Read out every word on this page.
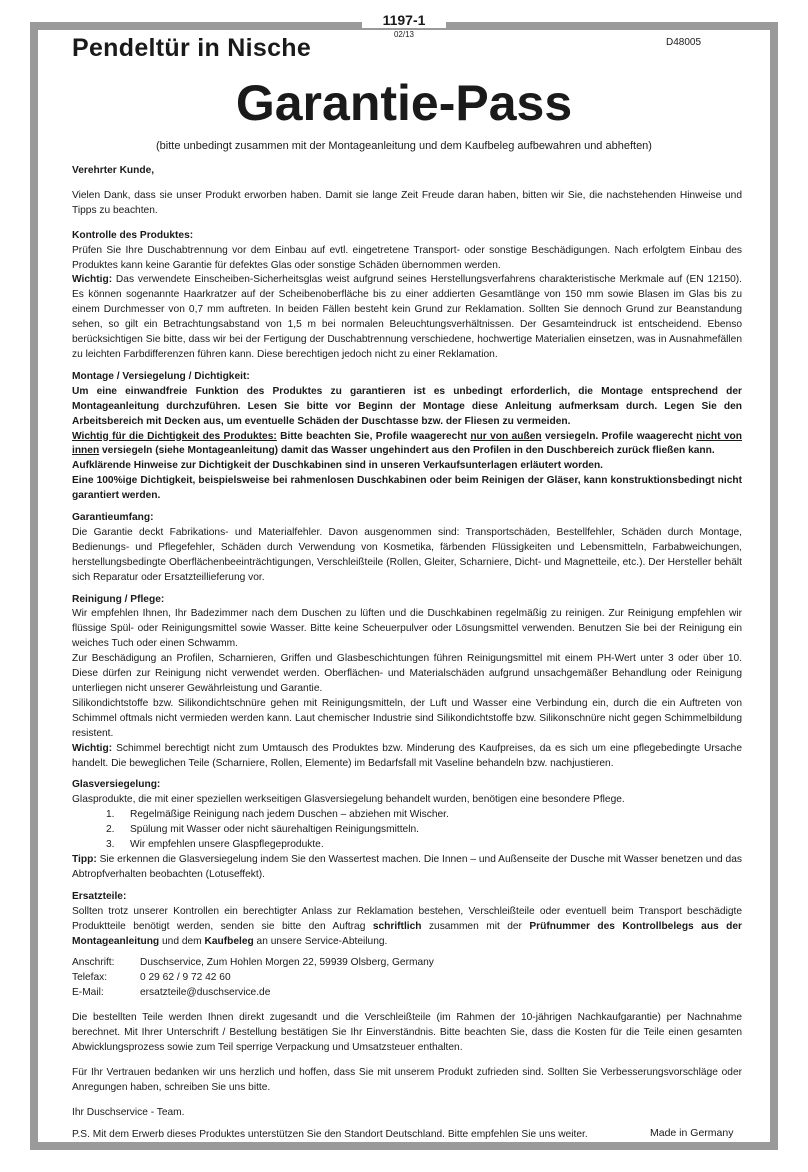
1197-1
02/13
D48005
Pendeltür in Nische
Garantie-Pass
(bitte unbedingt zusammen mit der Montageanleitung und dem Kaufbeleg aufbewahren und abheften)

Verehrter Kunde,

Vielen Dank, dass sie unser Produkt erworben haben. Damit sie lange Zeit Freude daran haben, bitten wir Sie, die nachstehenden Hinweise und Tipps zu beachten.

Kontrolle des Produktes:

Prüfen Sie Ihre Duschabtrennung vor dem Einbau auf evtl. eingetretene Transport- oder sonstige Beschädigungen. Nach erfolgtem Einbau des Produktes kann keine Garantie für defektes Glas oder sonstige Schäden übernommen werden.

Wichtig: Das verwendete Einscheiben-Sicherheitsglas weist aufgrund seines Herstellungsverfahrens charakteristische Merkmale auf (EN 12150). Es können sogenannte Haarkratzer auf der Scheibenoberfläche bis zu einer addierten Gesamtlänge von 150 mm sowie Blasen im Glas bis zu einem Durchmesser von 0,7 mm auftreten. In beiden Fällen besteht kein Grund zur Reklamation. Sollten Sie dennoch Grund zur Beanstandung sehen, so gilt ein Betrachtungsabstand von 1,5 m bei normalen Beleuchtungsverhältnissen. Der Gesamteindruck ist entscheidend. Ebenso berücksichtigen Sie bitte, dass wir bei der Fertigung der Duschabtrennung verschiedene, hochwertige Materialien einsetzen, was in Ausnahmefällen zu leichten Farbdifferenzen führen kann. Diese berechtigen jedoch nicht zu einer Reklamation.

Montage / Versiegelung / Dichtigkeit:

Um eine einwandfreie Funktion des Produktes zu garantieren ist es unbedingt erforderlich, die Montage entsprechend der Montageanleitung durchzuführen. Lesen Sie bitte vor Beginn der Montage diese Anleitung aufmerksam durch. Legen Sie den Arbeitsbereich mit Decken aus, um eventuelle Schäden der Duschtasse bzw. der Fliesen zu vermeiden.

Wichtig für die Dichtigkeit des Produktes: Bitte beachten Sie, Profile waagerecht nur von außen versiegeln. Profile waagerecht nicht von innen versiegeln (siehe Montageanleitung) damit das Wasser ungehindert aus den Profilen in den Duschbereich zurück fließen kann.

Aufklärende Hinweise zur Dichtigkeit der Duschkabinen sind in unseren Verkaufsunterlagen erläutert worden.

Eine 100%ige Dichtigkeit, beispielsweise bei rahmenlosen Duschkabinen oder beim Reinigen der Gläser, kann konstruktionsbedingt nicht garantiert werden.

Garantieumfang:

Die Garantie deckt Fabrikations- und Materialfehler. Davon ausgenommen sind: Transportschäden, Bestellfehler, Schäden durch Montage, Bedienungs- und Pflegefehler, Schäden durch Verwendung von Kosmetika, färbenden Flüssigkeiten und Lebensmitteln, Farbabweichungen, herstellungsbedingte Oberflächenbeeinträchtigungen, Verschleißteile (Rollen, Gleiter, Scharniere, Dicht- und Magnetteile, etc.). Der Hersteller behält sich Reparatur oder Ersatzteillieferung vor.

Reinigung / Pflege:

Wir empfehlen Ihnen, Ihr Badezimmer nach dem Duschen zu lüften und die Duschkabinen regelmäßig zu reinigen. Zur Reinigung empfehlen wir flüssige Spül- oder Reinigungsmittel sowie Wasser. Bitte keine Scheuerpulver oder Lösungsmittel verwenden. Benutzen Sie bei der Reinigung ein weiches Tuch oder einen Schwamm.

Zur Beschädigung an Profilen, Scharnieren, Griffen und Glasbeschichtungen führen Reinigungsmittel mit einem PH-Wert unter 3 oder über 10. Diese dürfen zur Reinigung nicht verwendet werden. Oberflächen- und Materialschäden aufgrund unsachgemäßer Behandlung oder Reinigung unterliegen nicht unserer Gewährleistung und Garantie.

Silikondichtstoffe bzw. Silikondichtschnüre gehen mit Reinigungsmitteln, der Luft und Wasser eine Verbindung ein, durch die ein Auftreten von Schimmel oftmals nicht vermieden werden kann. Laut chemischer Industrie sind Silikondichtstoffe bzw. Silikonschnüre nicht gegen Schimmelbildung resistent.

Wichtig: Schimmel berechtigt nicht zum Umtausch des Produktes bzw. Minderung des Kaufpreises, da es sich um eine pflegebedingte Ursache handelt. Die beweglichen Teile (Scharniere, Rollen, Elemente) im Bedarfsfall mit Vaseline behandeln bzw. nachjustieren.

Glasversiegelung:

Glasprodukte, die mit einer speziellen werkseitigen Glasversiegelung behandelt wurden, benötigen eine besondere Pflege.

1. Regelmäßige Reinigung nach jedem Duschen – abziehen mit Wischer.
2. Spülung mit Wasser oder nicht säurehaltigen Reinigungsmitteln.
3. Wir empfehlen unsere Glaspflegeprodukte.

Tipp: Sie erkennen die Glasversiegelung indem Sie den Wassertest machen. Die Innen – und Außenseite der Dusche mit Wasser benetzen und das Abtropfverhalten beobachten (Lotuseffekt).

Ersatzteile:

Sollten trotz unserer Kontrollen ein berechtigter Anlass zur Reklamation bestehen, Verschleißteile oder eventuell beim Transport beschädigte Produktteile benötigt werden, senden sie bitte den Auftrag schriftlich zusammen mit der Prüfnummer des Kontrollbelegs aus der Montageanleitung und dem Kaufbeleg an unsere Service-Abteilung.

Anschrift:	Duschservice, Zum Hohlen Morgen 22, 59939 Olsberg, Germany
Telefax:	0 29 62 / 9 72 42 60
E-Mail:	ersatzteile@duschservice.de

Die bestellten Teile werden Ihnen direkt zugesandt und die Verschleißteile (im Rahmen der 10-jährigen Nachkaufgarantie) per Nachnahme berechnet. Mit Ihrer Unterschrift / Bestellung bestätigen Sie Ihr Einverständnis. Bitte beachten Sie, dass die Kosten für die Teile einen gesamten Abwicklungsprozess sowie zum Teil sperrige Verpackung und Umsatzsteuer enthalten.

Für Ihr Vertrauen bedanken wir uns herzlich und hoffen, dass Sie mit unserem Produkt zufrieden sind. Sollten Sie Verbesserungsvorschläge oder Anregungen haben, schreiben Sie uns bitte.

Ihr Duschservice - Team.

P.S. Mit dem Erwerb dieses Produktes unterstützen Sie den Standort Deutschland. Bitte empfehlen Sie uns weiter.	Made in Germany
